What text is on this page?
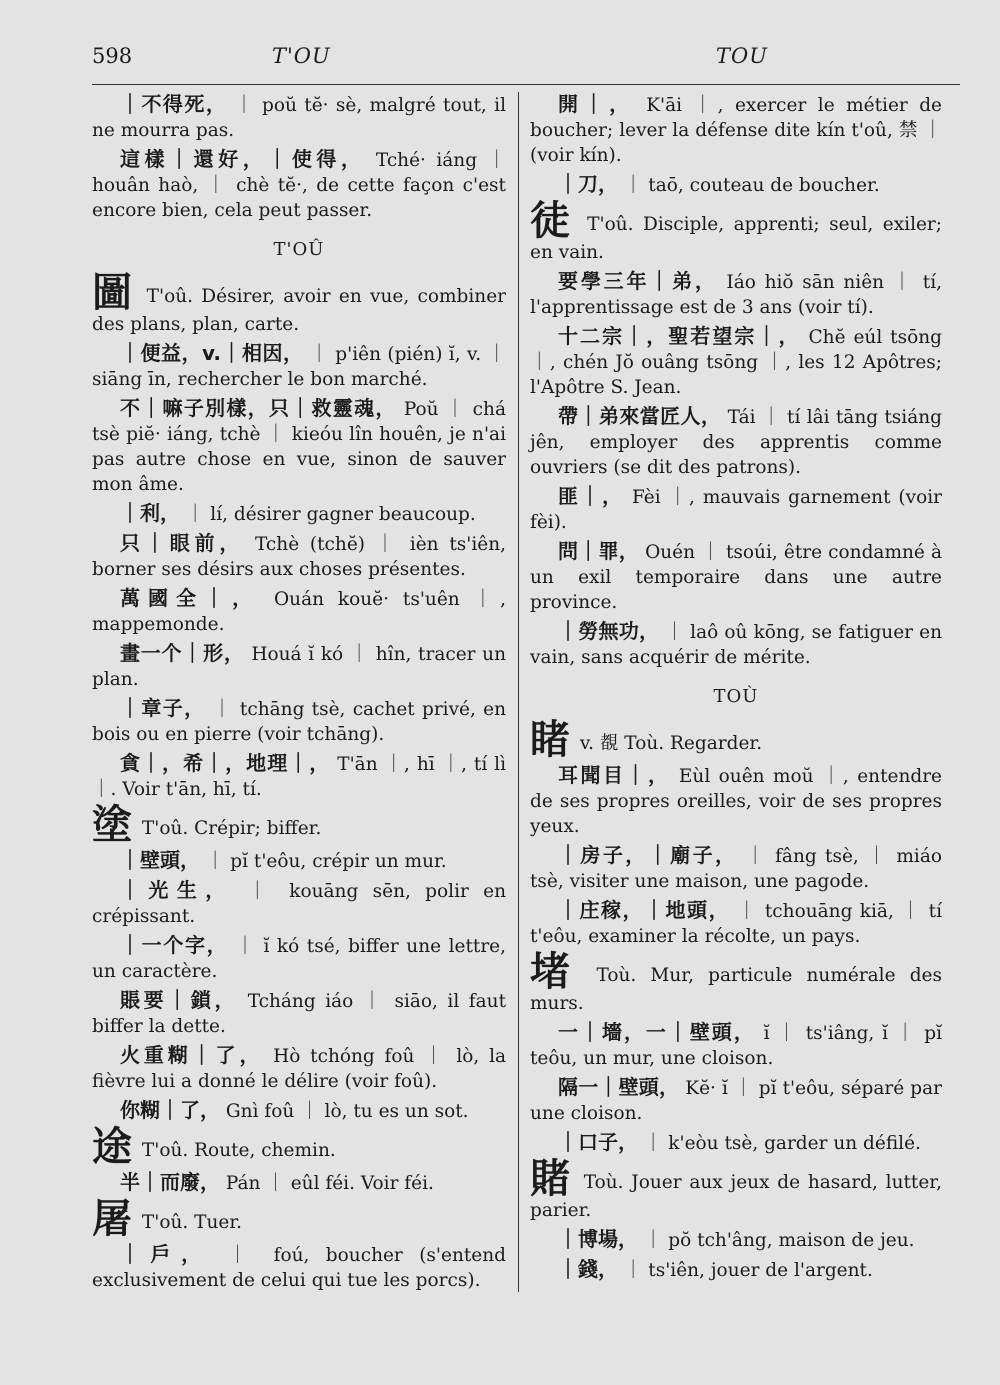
598	T'OU	TOU
｜不得死， ｜ poŭ tĕ· sè, malgré tout, il ne mourra pas.
這樣｜還好，｜使得， Tché· iáng ｜ houân haò, ｜ chè tĕ·, de cette façon c'est encore bien, cela peut passer.
T'OÛ
圖 T'oû. Désirer, avoir en vue, combiner des plans, plan, carte.
｜便益，v.｜相因， ｜ p'iên (pién) ĭ, v. ｜ siāng īn, rechercher le bon marché.
不｜嘛子別樣，只｜救靈魂， Poŭ ｜ chá tsè piĕ· iáng, tchè ｜ kieóu lîn houên, je n'ai pas autre chose en vue, sinon de sauver mon âme.
｜利， ｜ lí, désirer gagner beaucoup.
只｜眼前， Tchè (tchĕ) ｜ ièn ts'iên, borner ses désirs aux choses présentes.
萬國全｜， Ouán kouĕ· ts'uên ｜, mappemonde.
畫一个｜形， Houá ĭ kó ｜ hîn, tracer un plan.
｜章子， ｜ tchāng tsè, cachet privé, en bois ou en pierre (voir tchāng).
貪｜，希｜，地理｜， T'ān ｜, hī ｜, tí lì ｜. Voir t'ān, hī, tí.
塗 T'oû. Crépir; biffer.
｜壁頭， ｜ pĭ t'eôu, crépir un mur.
｜光生， ｜ kouāng sēn, polir en crépissant.
｜一个字， ｜ ĭ kó tsé, biffer une lettre, un caractère.
賬要｜鎖， Tcháng iáo ｜ siāo, il faut biffer la dette.
火重糊｜了， Hò tchóng foû ｜ lò, la fièvre lui a donné le délire (voir foû).
你糊｜了， Gnì foû ｜ lò, tu es un sot.
途 T'oû. Route, chemin.
半｜而廢， Pán ｜ eûl féi. Voir féi.
屠 T'oû. Tuer.
｜戶， ｜ foú, boucher (s'entend exclusivement de celui qui tue les porcs).
開｜， K'āi ｜, exercer le métier de boucher; lever la défense dite kín t'oû, 禁 ｜ (voir kín).
｜刀， ｜ taō, couteau de boucher.
徒 T'oû. Disciple, apprenti; seul, exiler; en vain.
要學三年｜弟， Iáo hiŏ sān niên ｜ tí, l'apprentissage est de 3 ans (voir tí).
十二宗｜，聖若望宗｜， Chĕ eúl tsōng ｜, chén Jŏ ouâng tsōng ｜, les 12 Apôtres; l'Apôtre S. Jean.
帶｜弟來當匠人， Tái ｜ tí lâi tāng tsiáng jên, employer des apprentis comme ouvriers (se dit des patrons).
匪｜， Fèi ｜, mauvais garnement (voir fèi).
問｜罪， Ouén ｜ tsoúi, être condamné à un exil temporaire dans une autre province.
｜勞無功， ｜ laô oû kōng, se fatiguer en vain, sans acquérir de mérite.
TOÙ
睹 v. 覩 Toù. Regarder.
耳聞目｜， Eùl ouên moŭ ｜, entendre de ses propres oreilles, voir de ses propres yeux.
｜房子，｜廟子， ｜ fâng tsè, ｜ miáo tsè, visiter une maison, une pagode.
｜庄稼，｜地頭， ｜ tchouāng kiā, ｜ tí t'eôu, examiner la récolte, un pays.
堵 Toù. Mur, particule numérale des murs.
一｜墻，一｜壁頭， ĭ ｜ ts'iâng, ĭ ｜ pĭ teôu, un mur, une cloison.
隔一｜壁頭， Kĕ· ĭ ｜ pĭ t'eôu, séparé par une cloison.
｜口子， ｜ k'eòu tsè, garder un défilé.
賭 Toù. Jouer aux jeux de hasard, lutter, parier.
｜博場， ｜ pŏ tch'âng, maison de jeu.
｜錢， ｜ ts'iên, jouer de l'argent.
